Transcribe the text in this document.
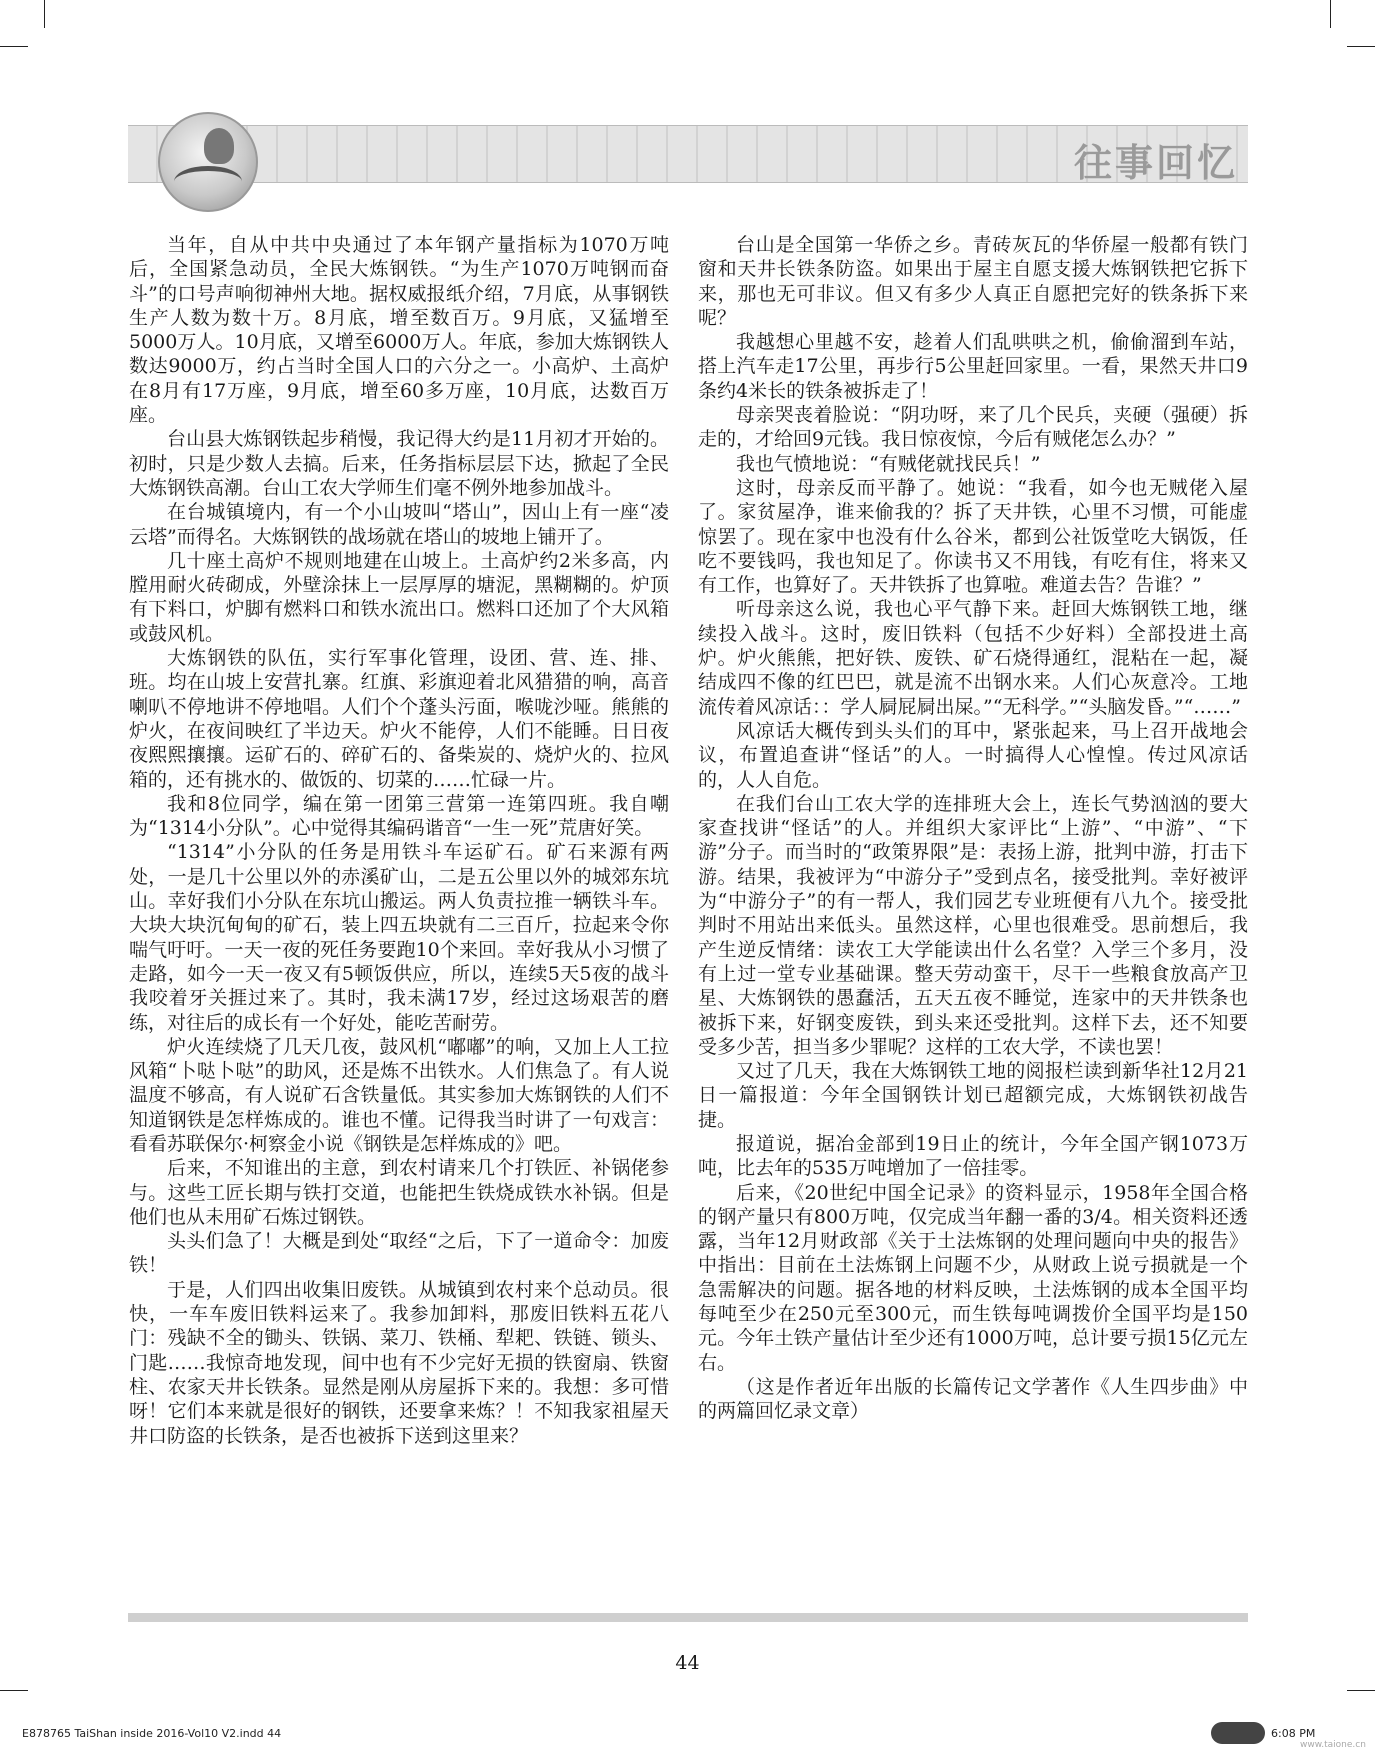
往事回忆

当年，自从中共中央通过了本年钢产量指标为1070万吨后，全国紧急动员，全民大炼钢铁。“为生产1070万吨钢而奋斗”的口号声响彻神州大地。据权威报纸介绍，7月底，从事钢铁生产人数为数十万。8月底，增至数百万。9月底，又猛增至5000万人。10月底，又增至6000万人。年底，参加大炼钢铁人数达9000万，约占当时全国人口的六分之一。小高炉、土高炉在8月有17万座，9月底，增至60多万座，10月底，达数百万座。

台山县大炼钢铁起步稍慢，我记得大约是11月初才开始的。初时，只是少数人去搞。后来，任务指标层层下达，掀起了全民大炼钢铁高潮。台山工农大学师生们毫不例外地参加战斗。

在台城镇境内，有一个小山坡叫“塔山”，因山上有一座“凌云塔”而得名。大炼钢铁的战场就在塔山的坡地上铺开了。

几十座土高炉不规则地建在山坡上。土高炉约2米多高，内膛用耐火砖砌成，外壁涂抹上一层厚厚的塘泥，黑糊糊的。炉顶有下料口，炉脚有燃料口和铁水流出口。燃料口还加了个大风箱或鼓风机。

大炼钢铁的队伍，实行军事化管理，设团、营、连、排、班。均在山坡上安营扎寨。红旗、彩旗迎着北风猎猎的响，高音喇叭不停地讲不停地唱。人们个个蓬头污面，喉咙沙哑。熊熊的炉火，在夜间映红了半边天。炉火不能停，人们不能睡。日日夜夜熙熙攘攘。运矿石的、碎矿石的、备柴炭的、烧炉火的、拉风箱的，还有挑水的、做饭的、切菜的……忙碌一片。

我和8位同学，编在第一团第三营第一连第四班。我自嘲为“1314小分队”。心中觉得其编码谐音“一生一死”荒唐好笑。

“1314”小分队的任务是用铁斗车运矿石。矿石来源有两处，一是几十公里以外的赤溪矿山，二是五公里以外的城郊东坑山。幸好我们小分队在东坑山搬运。两人负责拉推一辆铁斗车。大块大块沉甸甸的矿石，装上四五块就有二三百斤，拉起来令你喘气吁吁。一天一夜的死任务要跑10个来回。幸好我从小习惯了走路，如今一天一夜又有5顿饭供应，所以，连续5天5夜的战斗我咬着牙关捱过来了。其时，我未满17岁，经过这场艰苦的磨练，对往后的成长有一个好处，能吃苦耐劳。

炉火连续烧了几天几夜，鼓风机“嘟嘟”的响，又加上人工拉风箱“卜哒卜哒”的助风，还是炼不出铁水。人们焦急了。有人说温度不够高，有人说矿石含铁量低。其实参加大炼钢铁的人们不知道钢铁是怎样炼成的。谁也不懂。记得我当时讲了一句戏言：看看苏联保尔·柯察金小说《钢铁是怎样炼成的》吧。

后来，不知谁出的主意，到农村请来几个打铁匠、补锅佬参与。这些工匠长期与铁打交道，也能把生铁烧成铁水补锅。但是他们也从未用矿石炼过钢铁。

头头们急了！大概是到处“取经“之后，下了一道命令：加废铁！

于是，人们四出收集旧废铁。从城镇到农村来个总动员。很快，一车车废旧铁料运来了。我参加卸料，那废旧铁料五花八门：残缺不全的锄头、铁锅、菜刀、铁桶、犁耙、铁链、锁头、门匙……我惊奇地发现，间中也有不少完好无损的铁窗扇、铁窗柱、农家天井长铁条。显然是刚从房屋拆下来的。我想：多可惜呀！它们本来就是很好的钢铁，还要拿来炼？！不知我家祖屋天井口防盗的长铁条，是否也被拆下送到这里来？

台山是全国第一华侨之乡。青砖灰瓦的华侨屋一般都有铁门窗和天井长铁条防盗。如果出于屋主自愿支援大炼钢铁把它拆下来，那也无可非议。但又有多少人真正自愿把完好的铁条拆下来呢？

我越想心里越不安，趁着人们乱哄哄之机，偷偷溜到车站，搭上汽车走17公里，再步行5公里赶回家里。一看，果然天井口9条约4米长的铁条被拆走了！

母亲哭丧着脸说：“阴功呀，来了几个民兵，夹硬（强硬）拆走的，才给回9元钱。我日惊夜惊，今后有贼佬怎么办？”

我也气愤地说：“有贼佬就找民兵！”

这时，母亲反而平静了。她说：“我看，如今也无贼佬入屋了。家贫屋净，谁来偷我的？拆了天井铁，心里不习惯，可能虚惊罢了。现在家中也没有什么谷米，都到公社饭堂吃大锅饭，任吃不要钱吗，我也知足了。你读书又不用钱，有吃有住，将来又有工作，也算好了。天井铁拆了也算啦。难道去告？告谁？”

听母亲这么说，我也心平气静下来。赶回大炼钢铁工地，继续投入战斗。这时，废旧铁料（包括不少好料）全部投进土高炉。炉火熊熊，把好铁、废铁、矿石烧得通红，混粘在一起，凝结成四不像的红巴巴，就是流不出钢水来。人们心灰意冷。工地流传着风凉话：：学人屙屁屙出屎。”“无科学。”“头脑发昏。”“……”

风凉话大概传到头头们的耳中，紧张起来，马上召开战地会议，布置追查讲“怪话”的人。一时搞得人心惶惶。传过风凉话的，人人自危。

在我们台山工农大学的连排班大会上，连长气势汹汹的要大家查找讲“怪话”的人。并组织大家评比“上游”、“中游”、“下游”分子。而当时的“政策界限”是：表扬上游，批判中游，打击下游。结果，我被评为“中游分子”受到点名，接受批判。幸好被评为“中游分子”的有一帮人，我们园艺专业班便有八九个。接受批判时不用站出来低头。虽然这样，心里也很难受。思前想后，我产生逆反情绪：读农工大学能读出什么名堂？入学三个多月，没有上过一堂专业基础课。整天劳动蛮干，尽干一些粮食放高产卫星、大炼钢铁的愚蠢活，五天五夜不睡觉，连家中的天井铁条也被拆下来，好钢变废铁，到头来还受批判。这样下去，还不知要受多少苦，担当多少罪呢？这样的工农大学，不读也罢！

又过了几天，我在大炼钢铁工地的阅报栏读到新华社12月21日一篇报道：今年全国钢铁计划已超额完成，大炼钢铁初战告捷。

报道说，据冶金部到19日止的统计，今年全国产钢1073万吨，比去年的535万吨增加了一倍挂零。

后来，《20世纪中国全记录》的资料显示，1958年全国合格的钢产量只有800万吨，仅完成当年翻一番的3/4。相关资料还透露，当年12月财政部《关于土法炼钢的处理问题向中央的报告》中指出：目前在土法炼钢上问题不少，从财政上说亏损就是一个急需解决的问题。据各地的材料反映，土法炼钢的成本全国平均每吨至少在250元至300元，而生铁每吨调拨价全国平均是150元。今年土铁产量估计至少还有1000万吨，总计要亏损15亿元左右。

（这是作者近年出版的长篇传记文学著作《人生四步曲》中的两篇回忆录文章）

44
E878765 TaiShan inside 2016-Vol10 V2.indd 44	6:08 PM
www.taione.cn
